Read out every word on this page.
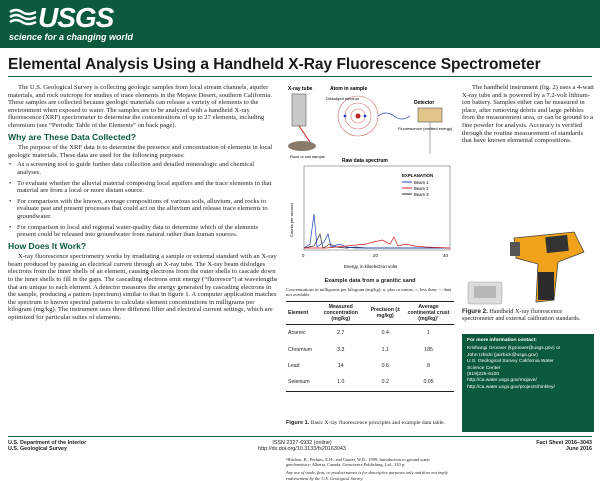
USGS
science for a changing world
Elemental Analysis Using a Handheld X-Ray Fluorescence Spectrometer

The U.S. Geological Survey is collecting geologic samples from local stream channels, aquifer materials, and rock outcrops for studies of trace elements in the Mojave Desert, southern California. These samples are collected because geologic materials can release a variety of elements to the environment when exposed to water. The samples are to be analyzed with a handheld X-ray fluorescence (XRF) spectrometer to determine the concentrations of up to 27 elements, including chromium (see “Periodic Table of the Elements” on back page).

Why are These Data Collected?

The purpose of the XRF data is to determine the presence and concentration of elements in local geologic materials. These data are used for the following purposes:

• As a screening tool to guide further data collection and detailed mineralogic and chemical analyses.
• To evaluate whether the alluvial material composing local aquifers and the trace elements in that material are from a local or more distant source.
• For comparison with the known, average compositions of various soils, alluvium, and rocks to evaluate past and present processes that could act on the alluvium and release trace elements to groundwater.
• For comparison to local and regional water-quality data to determine which of the elements present could be released into groundwater from natural rather than human sources.
How Does It Work?

X-ray fluorescence spectrometry works by irradiating a sample or external standard with an X-ray beam produced by passing an electrical current through an X-ray tube. The X-ray beam dislodges electrons from the inner shells of an element, causing electrons from the outer shells to cascade down to the inner shells to fill in the gaps. The cascading electrons emit energy (“fluoresce”) at wavelengths that are unique to each element. A detector measures the energy generated by cascading electrons in the sample, producing a pattern (spectrum) similar to that in figure 1. A computer application matches the spectrum to known spectral patterns to calculate element concentrations in milligrams per kilogram (mg/kg). The instrument uses three different filter and electrical current settings, which are optimized for particular suites of elements.

X-ray tube
Rock or soil sample
Atom in sample
Dislodged electron
Detector
Fluorescence (emitted energy)
Raw data spectrum
Counts per second
Energy, in kiloelectron volts
0	20	40
EXPLANATION
Beam 1
Beam 2
Beam 3
Example data from a granitic sand
Concentrations in milligrams per kilogram (mg/kg); ±, plus or minus; <, less than; --, data not available
Element	Measured concentration (mg/kg)	Precision (± mg/kg)	Average continental crust (mg/kg)¹
Arsenic	2.7	0.4	1
Chromium	3.3	1.1	185
Lead	14	0.6	8
Selenium	1.0	0.2	0.05
¹Hitchon, B., Perkins, E.H., and Gunter, W.D., 1999, Introduction to ground water geochemistry: Alberta, Canada, Geoscience Publishing, Ltd., 310 p.
Any use of trade, firm, or product names is for descriptive purposes only and does not imply endorsement by the U.S. Geological Survey.
Figure 1. Basic X-ray fluorescence principles and example data table.

The handheld instrument (fig. 2) uses a 4-watt X-ray tube and is powered by a 7.2-volt lithium-ion battery. Samples either can be measured in place, after removing debris and large pebbles from the measurement area, or can be ground to a fine powder for analysis. Accuracy is verified through the routine measurement of standards that have known elemental compositions.

Figure 2. Handheld X-ray fluorescence spectrometer and external calibration standards.
For more information contact:
Krishangi Groover (kgroover@usgs.gov) or
John Izbicki (jaizbick@usgs.gov)
U.S. Geological Survey California Water
Science Center
(619)225-6100
http://ca.water.usgs.gov/mojave/
http://ca.water.usgs.gov/projects/hinkley/
U.S. Department of the Interior
U.S. Geological Survey
ISSN 2327-6932 (online)
http://dx.doi.org/10.3133/fs20163043
Fact Sheet 2016–3043
June 2016
